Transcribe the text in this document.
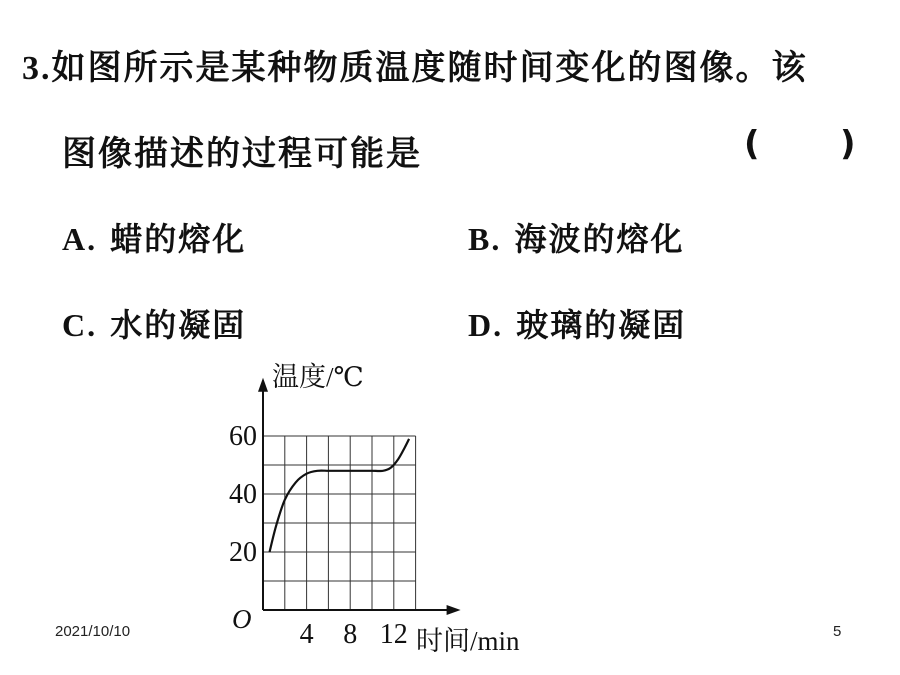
3.如图所示是某种物质温度随时间变化的图像。该
图像描述的过程可能是	( )
A. 蜡的熔化	B. 海波的熔化
C. 水的凝固	D. 玻璃的凝固
4 8 12
20
40
60
温度/℃
时间/min
O
2021/10/10	5
